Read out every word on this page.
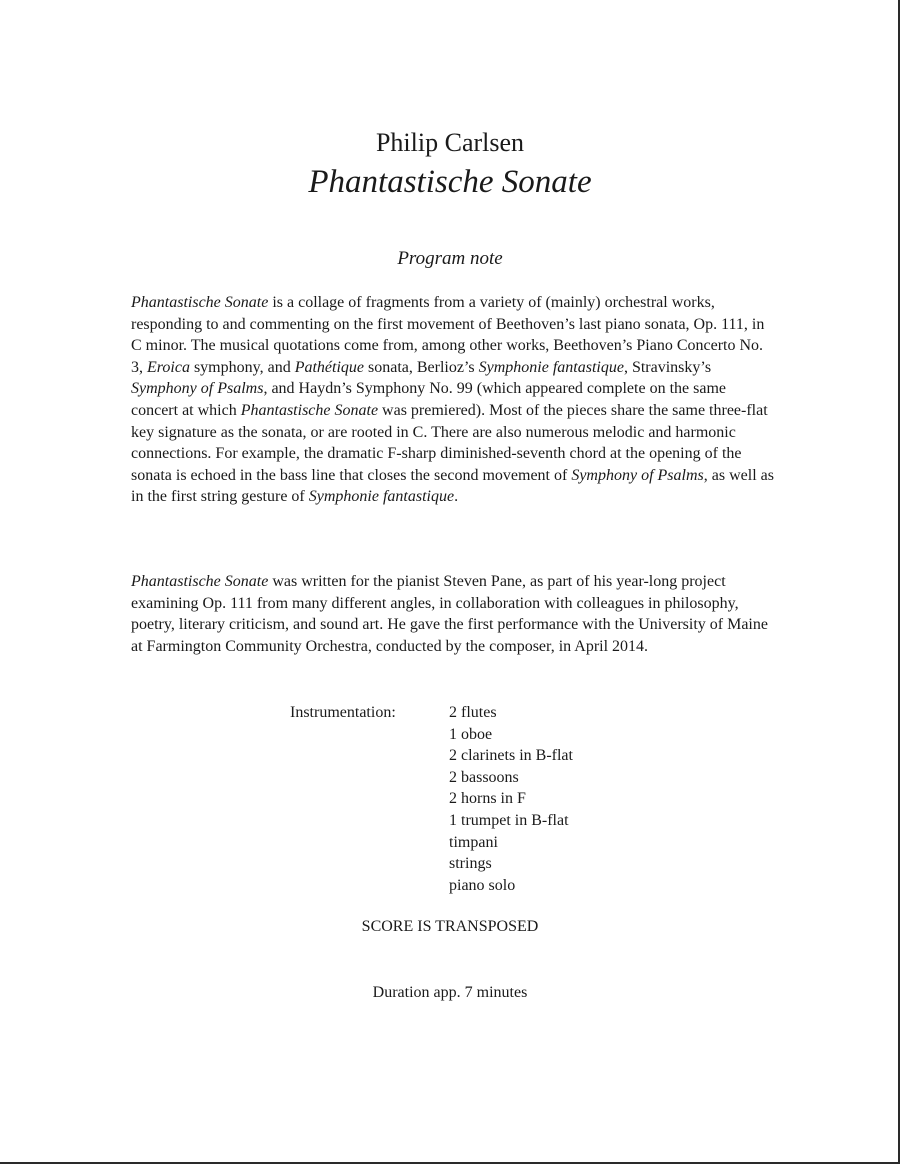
Philip Carlsen
Phantastische Sonate
Program note

Phantastische Sonate is a collage of fragments from a variety of (mainly) orchestral works, responding to and commenting on the first movement of Beethoven’s last piano sonata, Op. 111, in C minor. The musical quotations come from, among other works, Beethoven’s Piano Concerto No. 3, Eroica symphony, and Pathétique sonata, Berlioz’s Symphonie fantastique, Stravinsky’s Symphony of Psalms, and Haydn’s Symphony No. 99 (which appeared complete on the same concert at which Phantastische Sonate was premiered). Most of the pieces share the same three-flat key signature as the sonata, or are rooted in C. There are also numerous melodic and harmonic connections. For example, the dramatic F-sharp diminished-seventh chord at the opening of the sonata is echoed in the bass line that closes the second movement of Symphony of Psalms, as well as in the first string gesture of Symphonie fantastique.

Phantastische Sonate was written for the pianist Steven Pane, as part of his year-long project examining Op. 111 from many different angles, in collaboration with colleagues in philosophy, poetry, literary criticism, and sound art. He gave the first performance with the University of Maine at Farmington Community Orchestra, conducted by the composer, in April 2014.

Instrumentation:	2 flutes
1 oboe
2 clarinets in B-flat
2 bassoons
2 horns in F
1 trumpet in B-flat
timpani
strings
piano solo
SCORE IS TRANSPOSED
Duration app. 7 minutes
